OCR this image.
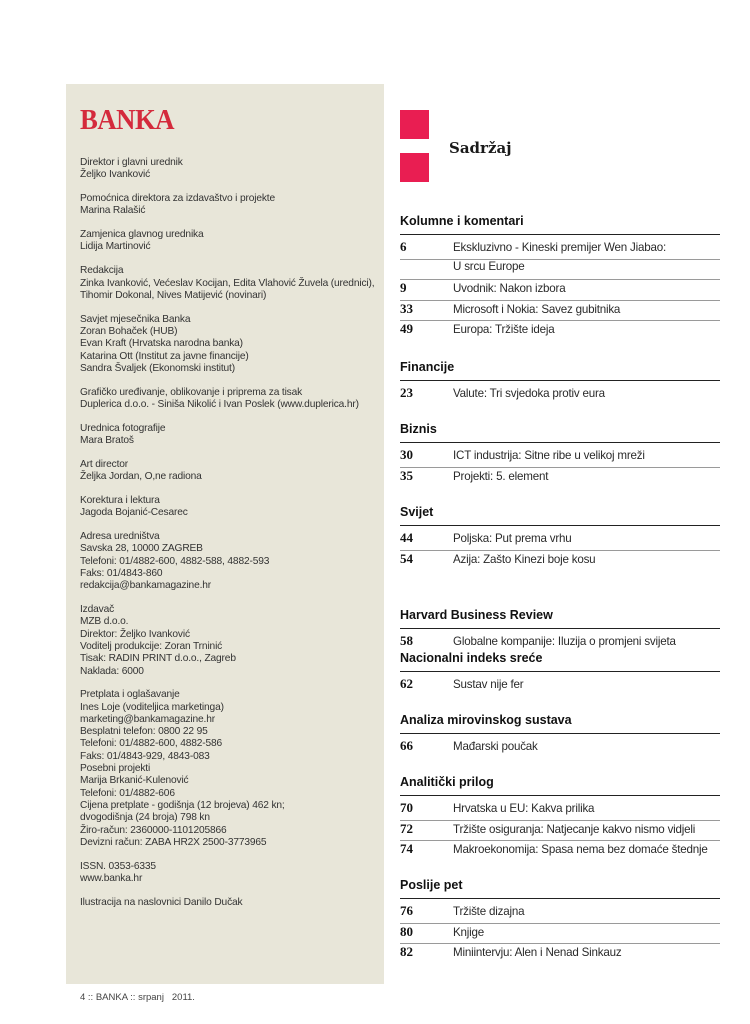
BANKA
Direktor i glavni urednik
Željko Ivanković
Pomoćnica direktora za izdavaštvo i projekte
Marina Ralašić
Zamjenica glavnog urednika
Lidija Martinović
Redakcija
Zinka Ivanković, Većeslav Kocijan, Edita Vlahović Žuvela (urednici),
Tihomir Dokonal, Nives Matijević (novinari)
Savjet mjesečnika Banka
Zoran Bohaček (HUB)
Evan Kraft (Hrvatska narodna banka)
Katarina Ott (Institut za javne financije)
Sandra Švaljek (Ekonomski institut)
Grafičko uređivanje, oblikovanje i priprema za tisak
Duplerica d.o.o. - Siniša Nikolić i Ivan Poslek (www.duplerica.hr)
Urednica fotografije
Mara Bratoš
Art director
Željka Jordan, O,ne radiona
Korektura i lektura
Jagoda Bojanić-Cesarec
Adresa uredništva
Savska 28, 10000 ZAGREB
Telefoni: 01/4882-600, 4882-588, 4882-593
Faks: 01/4843-860
redakcija@bankamagazine.hr
Izdavač
MZB d.o.o.
Direktor: Željko Ivanković
Voditelj produkcije: Zoran Trninić
Tisak: RADIN PRINT d.o.o., Zagreb
Naklada: 6000
Pretplata i oglašavanje
Ines Loje (voditeljica marketinga)
marketing@bankamagazine.hr
Besplatni telefon: 0800 22 95
Telefoni: 01/4882-600, 4882-586
Faks: 01/4843-929, 4843-083
Posebni projekti
Marija Brkanić-Kulenović
Telefoni: 01/4882-606
Cijena pretplate - godišnja (12 brojeva) 462 kn;
dvogodišnja (24 broja) 798 kn
Žiro-račun: 2360000-1101205866
Devizni račun: ZABA HR2X 2500-3773965
ISSN. 0353-6335
www.banka.hr
Ilustracija na naslovnici Danilo Dučak
Sadržaj
Kolumne i komentari
6	Ekskluzivno - Kineski premijer Wen Jiabao:
U srcu Europe
9	Uvodnik: Nakon izbora
33	Microsoft i Nokia: Savez gubitnika
49	Europa: Tržište ideja
Financije
23	Valute: Tri svjedoka protiv eura
Biznis
30	ICT industrija: Sitne ribe u velikoj mreži
35	Projekti: 5. element
Svijet
44	Poljska: Put prema vrhu
54	Azija: Zašto Kinezi boje kosu
Harvard Business Review
58	Globalne kompanije: Iluzija o promjeni svijeta
Nacionalni indeks sreće
62	Sustav nije fer
Analiza mirovinskog sustava
66	Mađarski poučak
Analitički prilog
70	Hrvatska u EU: Kakva prilika
72	Tržište osiguranja: Natjecanje kakvo nismo vidjeli
74	Makroekonomija: Spasa nema bez domaće štednje
Poslije pet
76	Tržište dizajna
80	Knjige
82	Miniintervju: Alen i Nenad Sinkauz
4 :: BANKA :: srpanj   2011.
